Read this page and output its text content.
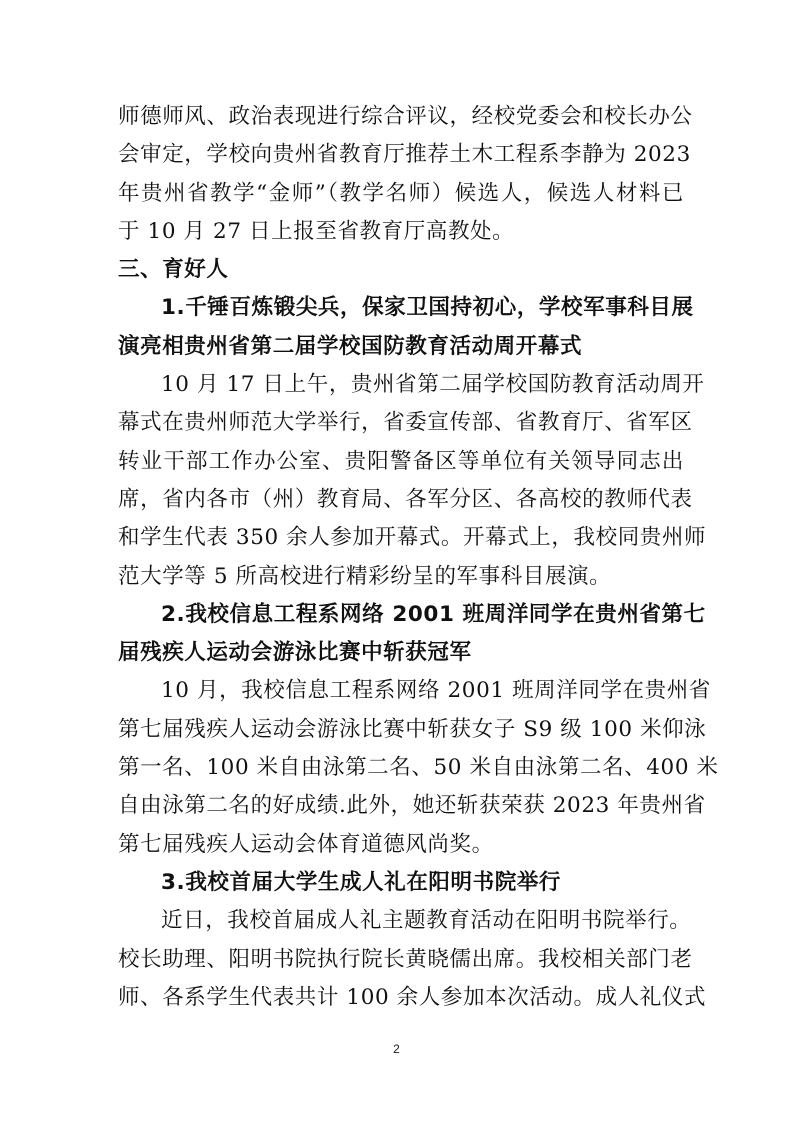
师德师风、政治表现进行综合评议，经校党委会和校长办公
会审定，学校向贵州省教育厅推荐土木工程系李静为 2023
年贵州省教学“金师”（教学名师）候选人，候选人材料已
于 10 月 27 日上报至省教育厅高教处。
三、育好人
1.千锤百炼锻尖兵，保家卫国持初心，学校军事科目展
演亮相贵州省第二届学校国防教育活动周开幕式
10 月 17 日上午，贵州省第二届学校国防教育活动周开
幕式在贵州师范大学举行，省委宣传部、省教育厅、省军区
转业干部工作办公室、贵阳警备区等单位有关领导同志出
席，省内各市（州）教育局、各军分区、各高校的教师代表
和学生代表 350 余人参加开幕式。开幕式上，我校同贵州师
范大学等 5 所高校进行精彩纷呈的军事科目展演。
2.我校信息工程系网络 2001 班周洋同学在贵州省第七
届残疾人运动会游泳比赛中斩获冠军
10 月，我校信息工程系网络 2001 班周洋同学在贵州省
第七届残疾人运动会游泳比赛中斩获女子 S9 级 100 米仰泳
第一名、100 米自由泳第二名、50 米自由泳第二名、400 米
自由泳第二名的好成绩.此外，她还斩获荣获 2023 年贵州省
第七届残疾人运动会体育道德风尚奖。
3.我校首届大学生成人礼在阳明书院举行
近日，我校首届成人礼主题教育活动在阳明书院举行。
校长助理、阳明书院执行院长黄晓儒出席。我校相关部门老
师、各系学生代表共计 100 余人参加本次活动。成人礼仪式
2
